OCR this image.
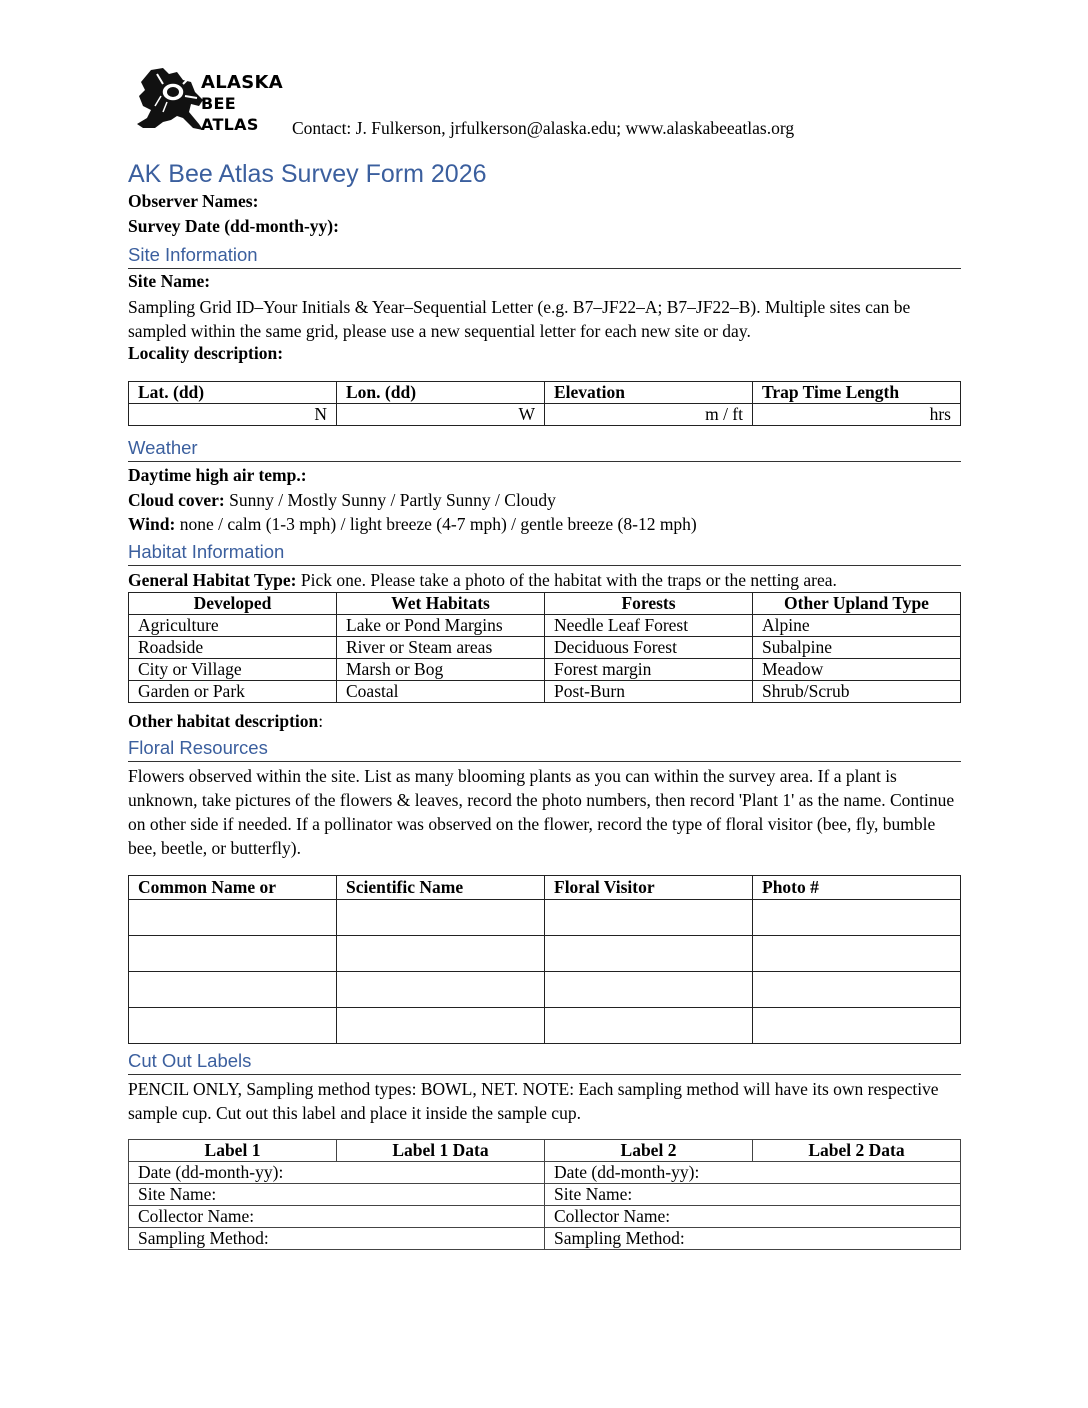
ALASKA
BEE ATLAS	Contact: J. Fulkerson, jrfulkerson@alaska.edu; www.alaskabeeatlas.org
AK Bee Atlas Survey Form 2026
Observer Names:
Survey Date (dd-month-yy):
Site Information
Site Name:
Sampling Grid ID–Your Initials & Year–Sequential Letter (e.g. B7–JF22–A; B7–JF22–B). Multiple sites can be sampled within the same grid, please use a new sequential letter for each new site or day.
Locality description:
Lat. (dd)	Lon. (dd)	Elevation	Trap Time Length
N	W	m / ft	hrs
Weather
Daytime high air temp.:
Cloud cover: Sunny / Mostly Sunny / Partly Sunny / Cloudy
Wind: none / calm (1-3 mph) / light breeze (4-7 mph) / gentle breeze (8-12 mph)
Habitat Information
General Habitat Type: Pick one. Please take a photo of the habitat with the traps or the netting area.
Developed	Wet Habitats	Forests	Other Upland Type
Agriculture	Lake or Pond Margins	Needle Leaf Forest	Alpine
Roadside	River or Steam areas	Deciduous Forest	Subalpine
City or Village	Marsh or Bog	Forest margin	Meadow
Garden or Park	Coastal	Post-Burn	Shrub/Scrub
Other habitat description:
Floral Resources
Flowers observed within the site. List as many blooming plants as you can within the survey area. If a plant is unknown, take pictures of the flowers & leaves, record the photo numbers, then record 'Plant 1' as the name. Continue on other side if needed. If a pollinator was observed on the flower, record the type of floral visitor (bee, fly, bumble bee, beetle, or butterfly).
Common Name or	Scientific Name	Floral Visitor	Photo #

Cut Out Labels
PENCIL ONLY, Sampling method types: BOWL, NET. NOTE: Each sampling method will have its own respective sample cup. Cut out this label and place it inside the sample cup.
Label 1	Label 1 Data	Label 2	Label 2 Data
Date (dd-month-yy):		Date (dd-month-yy):	
Site Name:		Site Name:	
Collector Name:		Collector Name:	
Sampling Method:		Sampling Method:	
